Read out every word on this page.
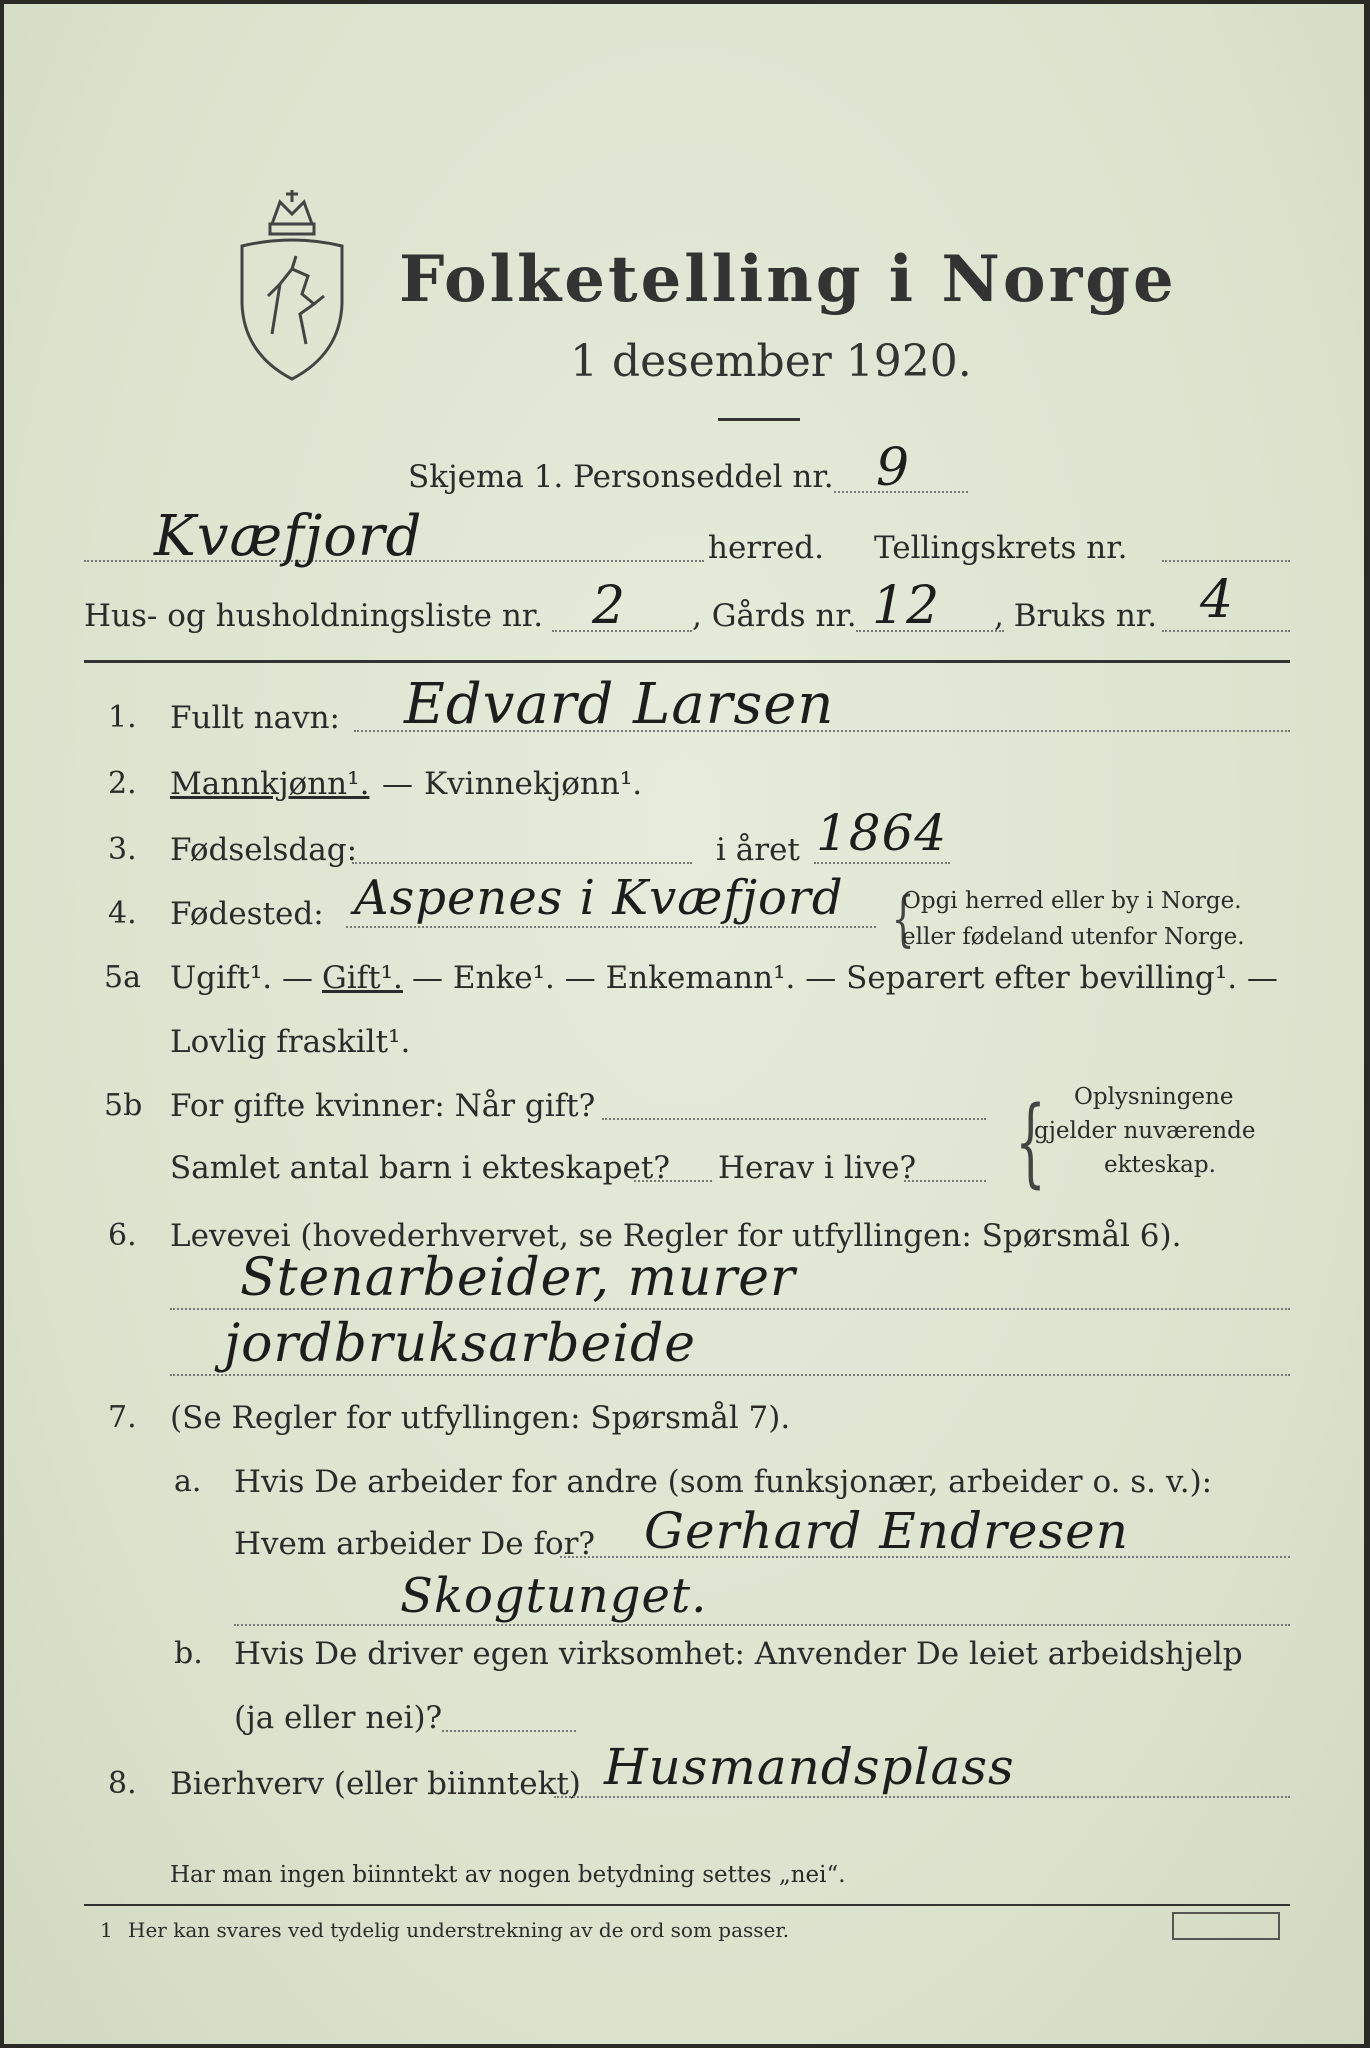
Folketelling i Norge
1 desember 1920.
Skjema 1. Personseddel nr. 9
Kvæfjord	herred. Tellingskrets nr.
Hus- og husholdningsliste nr. 2 , Gårds nr. 12 , Bruks nr. 4
1. Fullt navn: Edvard Larsen
2. Mannkjønn¹. — Kvinnekjønn¹.
3. Fødselsdag:	i året 1864
4. Fødested: Aspenes i Kvæfjord {
Opgi herred eller by i Norge.
eller fødeland utenfor Norge.
5a Ugift¹. — Gift¹. — Enke¹. — Enkemann¹. — Separert efter bevilling¹. —
Lovlig fraskilt¹.
5b For gifte kvinner: Når gift?
Samlet antal barn i ekteskapet? Herav i live? { Oplysningene
gjelder nuværende
ekteskap.
6. Levevei (hovederhvervet, se Regler for utfyllingen: Spørsmål 6).
Stenarbeider, murer
jordbruksarbeide
7. (Se Regler for utfyllingen: Spørsmål 7).
a. Hvis De arbeider for andre (som funksjonær, arbeider o. s. v.):
Hvem arbeider De for? Gerhard Endresen
Skogtunget.
b. Hvis De driver egen virksomhet: Anvender De leiet arbeidshjelp
(ja eller nei)?
8. Bierhverv (eller biinntekt) Husmandsplass
Har man ingen biinntekt av nogen betydning settes „nei“.
1 Her kan svares ved tydelig understrekning av de ord som passer.
